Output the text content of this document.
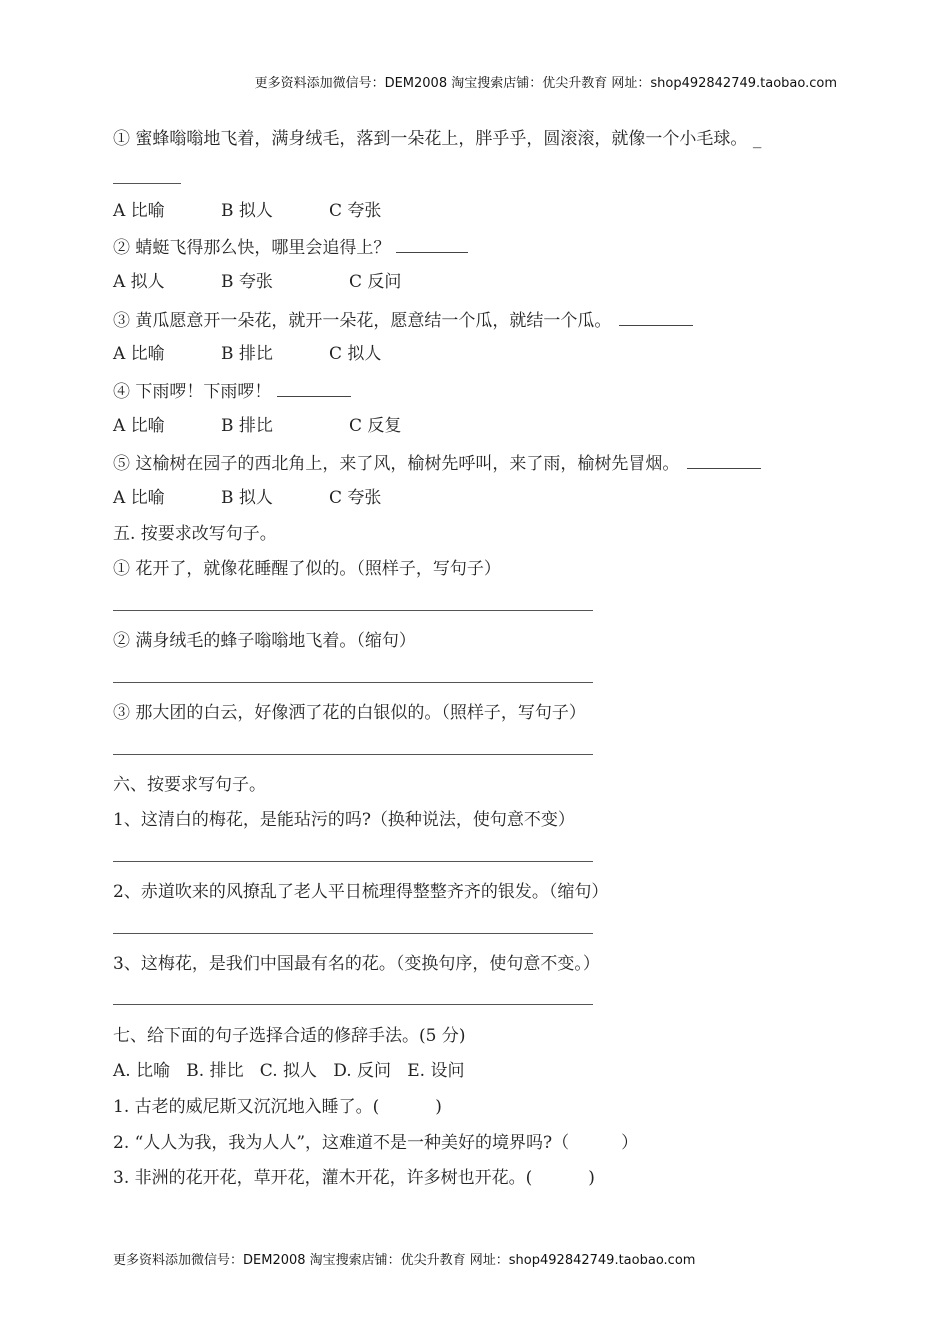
更多资料添加微信号：DEM2008 淘宝搜索店铺：优尖升教育 网址：shop492842749.taobao.com
① 蜜蜂嗡嗡地飞着，满身绒毛，落到一朵花上，胖乎乎，圆滚滚，就像一个小毛球。 _
A 比喻	B 拟人	C 夸张
② 蜻蜓飞得那么快，哪里会追得上？
A 拟人	B 夸张	C 反问
③ 黄瓜愿意开一朵花，就开一朵花，愿￼意结一个瓜，就结一个瓜。
A 比喻	B 排比	C 拟人
④ 下雨啰！下雨啰！
A 比喻	B 排比	C 反复
⑤ 这榆树在园子的西北角上，来了风，榆树先呼叫，来了雨，榆树先冒烟。
A 比喻	B 拟人	C 夸张
五. 按要求改写句子。
① 花开了，就像花睡醒了似的。（照样子，写句子）
② 满身绒毛的蜂子嗡嗡地飞着。（缩句）
③ 那大团的白云，好像洒了花的白银似的。（照样子，写句子）
六、按要求写句子。
1、这清白的梅花，是能玷污的吗?（换种说法，使句意不变）
2、赤道吹来的风撩乱了老人平日梳理得整整齐齐的银发。（缩句）
3、这梅花，是我们中国最有名的花。（变换句序，使句意不变。）
七、给下面的句子选择合适的修辞手法。(5 分)
A. 比喻   B. 排比   C. 拟人   D. 反问   E. 设问
1. 古老的威尼斯又沉沉地入睡了。(	)
2. “人人为我，我为人人”，这难道不是一种美好的境界吗?（	）
3. 非洲的花开花，草开花，灌木开花，许多树也开花。(	)
更多资料添加微信号：DEM2008 淘宝搜索店铺：优尖升教育 网址：shop492842749.taobao.com
